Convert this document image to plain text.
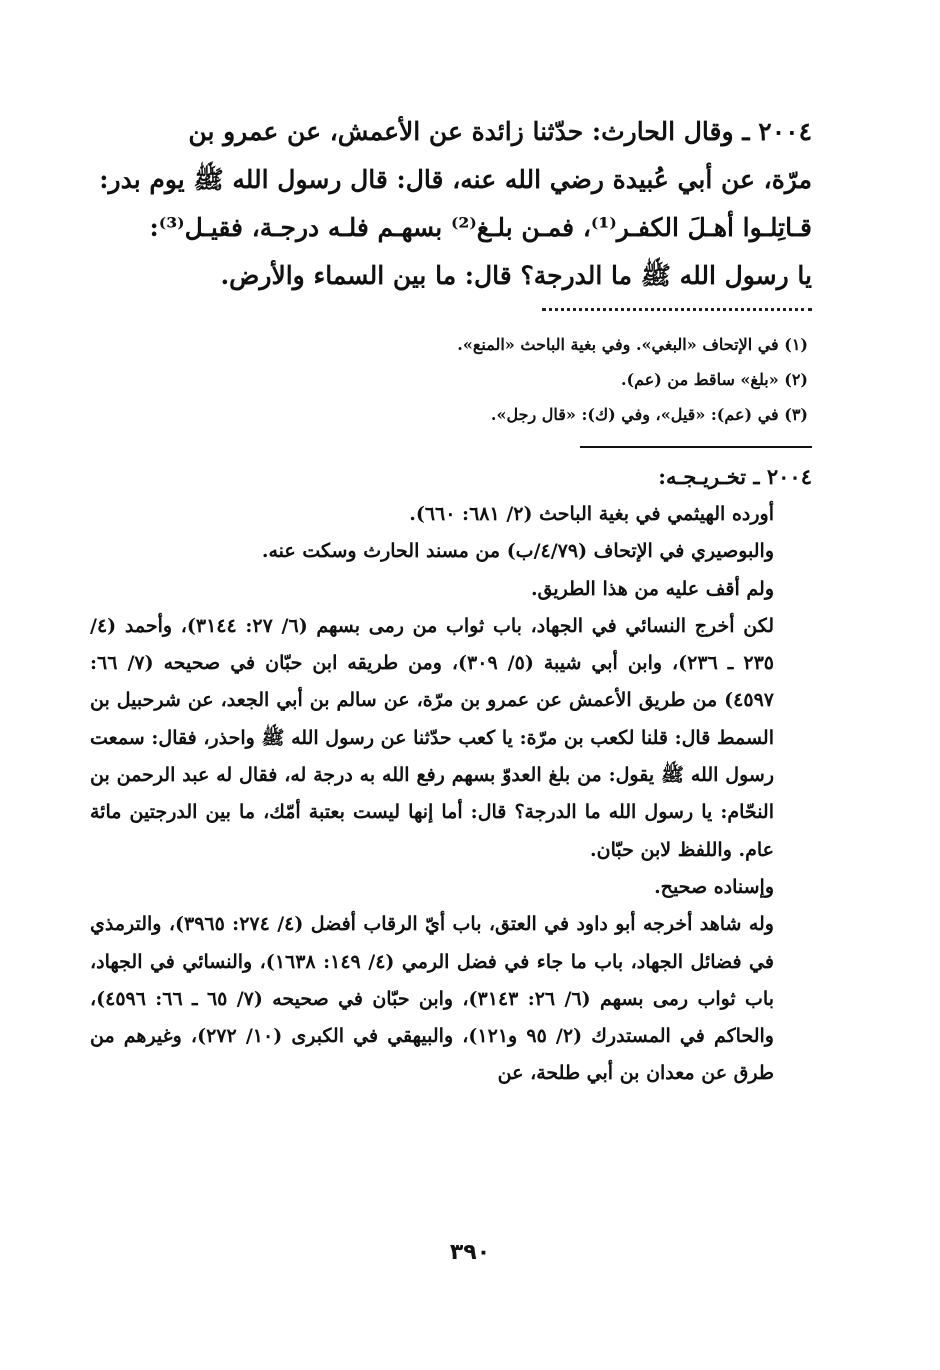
٢٠٠٤ ـ وقال الحارث: حدّثنا زائدة عن الأعمش، عن عمرو بن

مرّة، عن أبي عُبيدة رضي الله عنه، قال: قال رسول الله ﷺ يوم بدر:

قـاتِلـوا أهـلَ الكفـر⁽¹⁾، فمـن بلـغ⁽²⁾ بسهـم فلـه درجـة، فقيـل⁽³⁾:

يا رسول الله ﷺ ما الدرجة؟ قال: ما بين السماء والأرض.

(١) في الإتحاف «البغي». وفي بغية الباحث «المنع».

(٢) «بلغ» ساقط من (عم).

(٣) في (عم): «قيل»، وفي (ك): «قال رجل».

٢٠٠٤ ـ تخـريـجـه:

أورده الهيثمي في بغية الباحث (٢/ ٦٨١: ٦٦٠).

والبوصيري في الإتحاف (٤/٧٩/ب) من مسند الحارث وسكت عنه.

ولم أقف عليه من هذا الطريق.

لكن أخرج النسائي في الجهاد، باب ثواب من رمى بسهم (٦/ ٢٧: ٣١٤٤)، وأحمد (٤/ ٢٣٥ ـ ٢٣٦)، وابن أبي شيبة (٥/ ٣٠٩)، ومن طريقه ابن حبّان في صحيحه (٧/ ٦٦: ٤٥٩٧) من طريق الأعمش عن عمرو بن مرّة، عن سالم بن أبي الجعد، عن شرحبيل بن السمط قال: قلنا لكعب بن مرّة: يا كعب حدّثنا عن رسول الله ﷺ واحذر، فقال: سمعت رسول الله ﷺ يقول: من بلغ العدوّ بسهم رفع الله به درجة له، فقال له عبد الرحمن بن النحّام: يا رسول الله ما الدرجة؟ قال: أما إنها ليست بعتبة أمّك، ما بين الدرجتين مائة عام. واللفظ لابن حبّان.

وإسناده صحيح.

وله شاهد أخرجه أبو داود في العتق، باب أيّ الرقاب أفضل (٤/ ٢٧٤: ٣٩٦٥)، والترمذي في فضائل الجهاد، باب ما جاء في فضل الرمي (٤/ ١٤٩: ١٦٣٨)، والنسائي في الجهاد، باب ثواب رمى بسهم (٦/ ٢٦: ٣١٤٣)، وابن حبّان في صحيحه (٧/ ٦٥ ـ ٦٦: ٤٥٩٦)، والحاكم في المستدرك (٢/ ٩٥ و١٢١)، والبيهقي في الكبرى (١٠/ ٢٧٢)، وغيرهم من طرق عن معدان بن أبي طلحة، عن

٣٩٠
